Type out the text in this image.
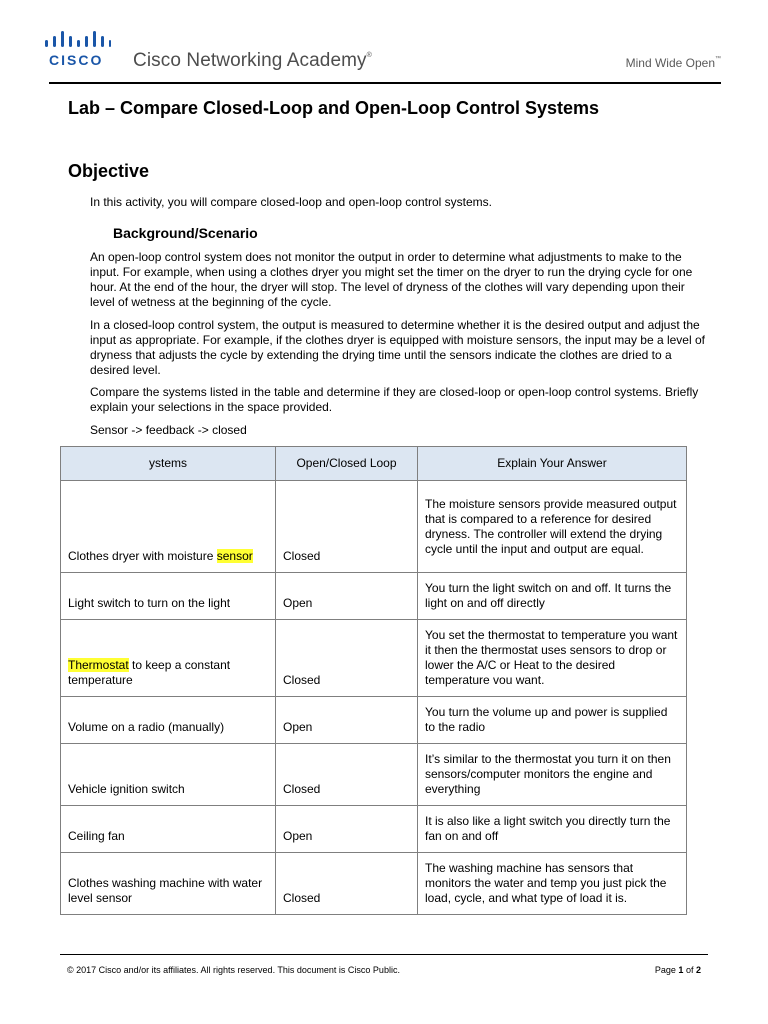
CISCO Cisco Networking Academy®
Mind Wide Open™
Lab – Compare Closed-Loop and Open-Loop Control Systems
Objective

In this activity, you will compare closed-loop and open-loop control systems.

Background/Scenario

An open-loop control system does not monitor the output in order to determine what adjustments to make to the input. For example, when using a clothes dryer you might set the timer on the dryer to run the drying cycle for one hour. At the end of the hour, the dryer will stop. The level of dryness of the clothes will vary depending upon their level of wetness at the beginning of the cycle.

In a closed-loop control system, the output is measured to determine whether it is the desired output and adjust the input as appropriate. For example, if the clothes dryer is equipped with moisture sensors, the input may be a level of dryness that adjusts the cycle by extending the drying time until the sensors indicate the clothes are dried to a desired level.

Compare the systems listed in the table and determine if they are closed-loop or open-loop control systems. Briefly explain your selections in the space provided.

Sensor -> feedback -> closed

ystems	Open/Closed Loop	Explain Your Answer
Clothes dryer with moisture sensor	Closed	The moisture sensors provide measured output that is compared to a reference for desired dryness. The controller will extend the drying cycle until the input and output are equal.
Light switch to turn on the light	Open	You turn the light switch on and off. It turns the light on and off directly
Thermostat to keep a constant temperature	Closed	You set the thermostat to temperature you want it then the thermostat uses sensors to drop or lower the A/C or Heat to the desired temperature vou want.
Volume on a radio (manually)	Open	You turn the volume up and power is supplied to the radio
Vehicle ignition switch	Closed	It’s similar to the thermostat you turn it on then sensors/computer monitors the engine and everything
Ceiling fan	Open	It is also like a light switch you directly turn the fan on and off
Clothes washing machine with water level sensor	Closed	The washing machine has sensors that monitors the water and temp you just pick the load, cycle, and what type of load it is.
© 2017 Cisco and/or its affiliates. All rights reserved. This document is Cisco Public.	Page 1 of 2
